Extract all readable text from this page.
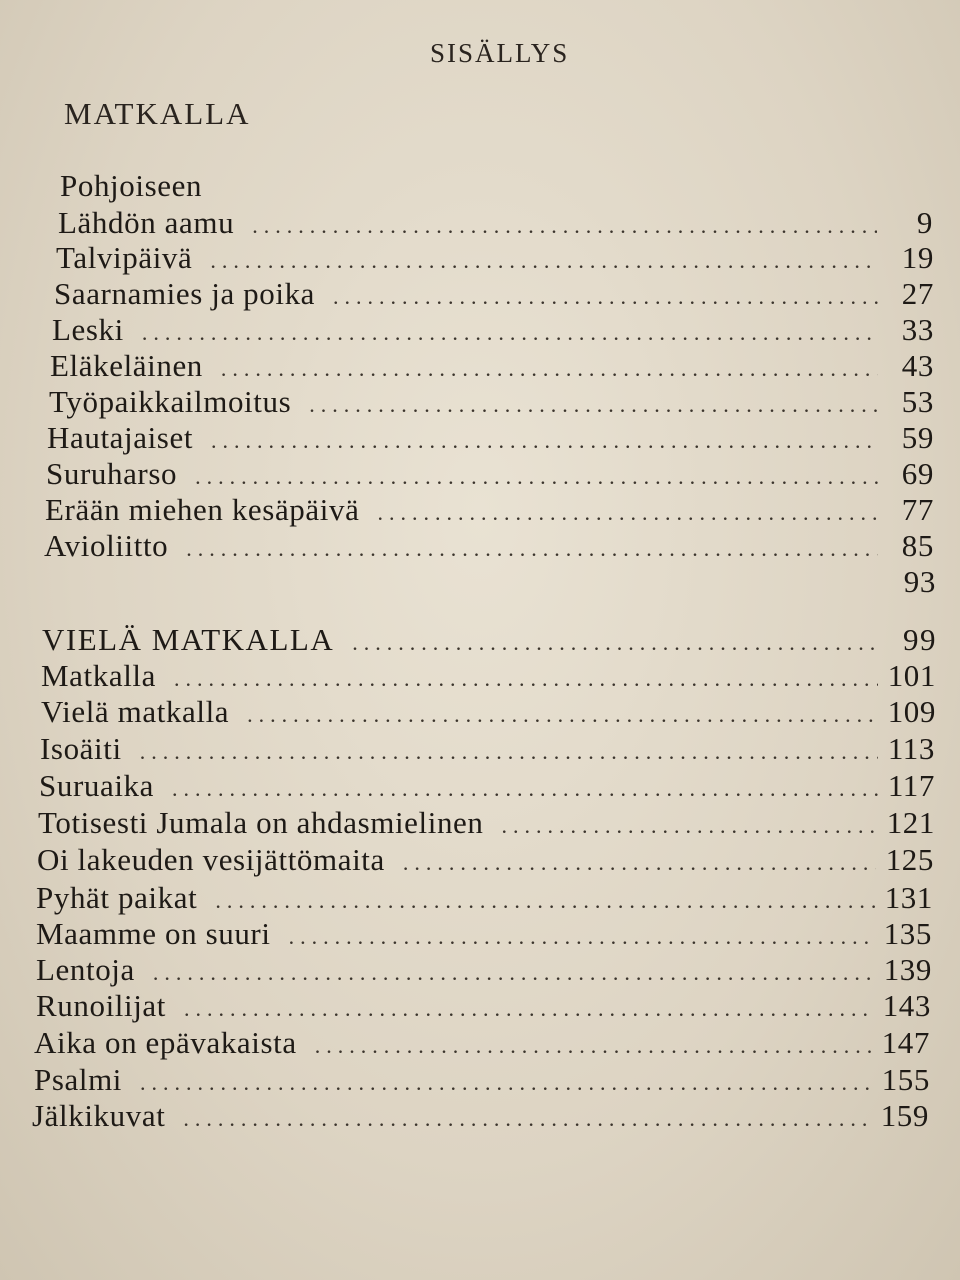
SISÄLLYS
MATKALLA
Pohjoiseen
Lähdön aamu .....	9
Talvipäivä .....	19
Saarnamies ja poika .....	27
Leski .....	33
Eläkeläinen .....	43
Työpaikkailmoitus .....	53
Hautajaiset .....	59
Suruharso .....	69
Erään miehen kesäpäivä .....	77
Avioliitto .....	85
93
VIELÄ MATKALLA .....	99
Matkalla .....	101
Vielä matkalla .....	109
Isoäiti .....	113
Suruaika .....	117
Totisesti Jumala on ahdasmielinen .....	121
Oi lakeuden vesijättömaita .....	125
Pyhät paikat .....	131
Maamme on suuri .....	135
Lentoja .....	139
Runoilijat .....	143
Aika on epävakaista .....	147
Psalmi .....	155
Jälkikuvat .....	159
